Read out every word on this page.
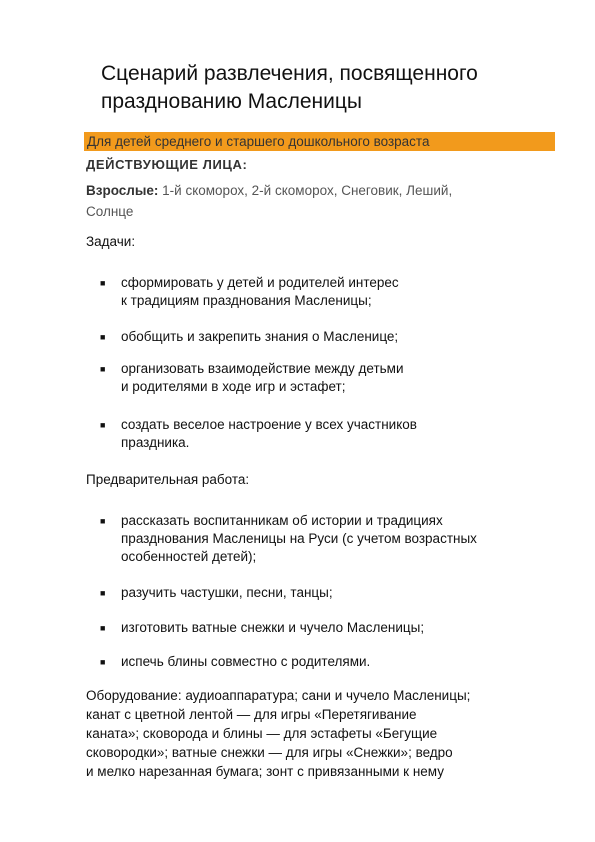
Сценарий развлечения, посвященного
празднованию Масленицы
Для детей среднего и старшего дошкольного возраста
ДЕЙСТВУЮЩИЕ ЛИЦА:
Взрослые: 1-й скоморох, 2-й скоморох, Снеговик, Леший,
Солнце
Задачи:
■ сформировать у детей и родителей интерес
к традициям празднования Масленицы;
■ обобщить и закрепить знания о Масленице;
■ организовать взаимодействие между детьми
и родителями в ходе игр и эстафет;
■ создать веселое настроение у всех участников
праздника.
Предварительная работа:
■ рассказать воспитанникам об истории и традициях
празднования Масленицы на Руси (с учетом возрастных
особенностей детей);
■ разучить частушки, песни, танцы;
■ изготовить ватные снежки и чучело Масленицы;
■ испечь блины совместно с родителями.
Оборудование: аудиоаппаратура; сани и чучело Масленицы;
канат с цветной лентой — для игры «Перетягивание
каната»; сковорода и блины — для эстафеты «Бегущие
сковородки»; ватные снежки — для игры «Снежки»; ведро
и мелко нарезанная бумага; зонт с привязанными к нему
